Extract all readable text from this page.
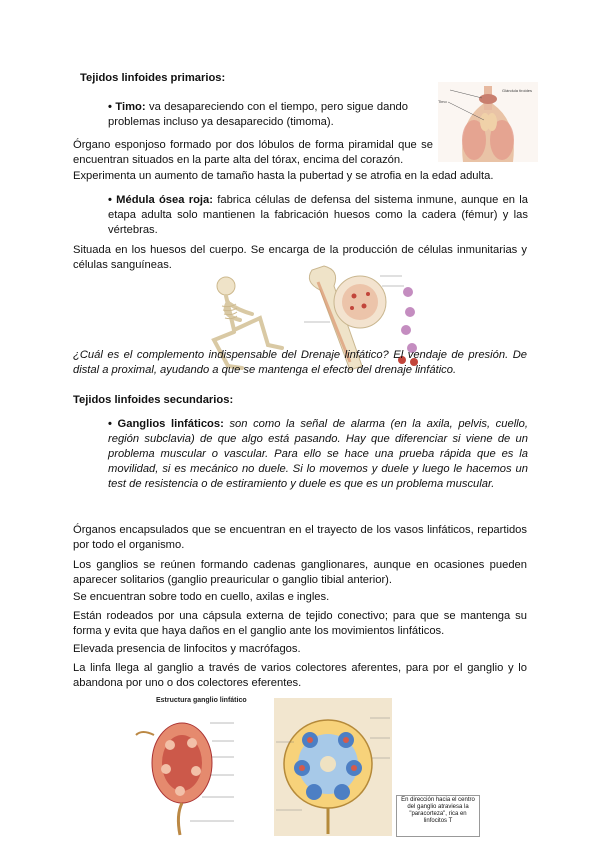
Tejidos linfoides primarios:
• Timo: va desapareciendo con el tiempo, pero sigue dando problemas incluso ya desaparecido (timoma).
Órgano esponjoso formado por dos lóbulos de forma piramidal que se encuentran situados en la parte alta del tórax, encima del corazón.
Experimenta un aumento de tamaño hasta la pubertad y se atrofia en la edad adulta.
Glándula tiroides
Timo
• Médula ósea roja: fabrica células de defensa del sistema inmune, aunque en la etapa adulta solo mantienen la fabricación huesos como la cadera (fémur) y las vértebras.
Situada en los huesos del cuerpo. Se encarga de la producción de células inmunitarias y células sanguíneas.
¿Cuál es el complemento indispensable del Drenaje linfático? El vendaje de presión. De distal a proximal, ayudando a que se mantenga el efecto del drenaje linfático.
Tejidos linfoides secundarios:
• Ganglios linfáticos: son como la señal de alarma (en la axila, pelvis, cuello, región subclavia) de que algo está pasando. Hay que diferenciar si viene de un problema muscular o vascular. Para ello se hace una prueba rápida que es la movilidad, si es mecánico no duele. Si lo movemos y duele y luego le hacemos un test de resistencia o de estiramiento y duele es que es un problema muscular.
Órganos encapsulados que se encuentran en el trayecto de los vasos linfáticos, repartidos por todo el organismo.
Los ganglios se reúnen formando cadenas ganglionares, aunque en ocasiones pueden aparecer solitarios (ganglio preauricular o ganglio tibial anterior).
Se encuentran sobre todo en cuello, axilas e ingles.
Están rodeados por una cápsula externa de tejido conectivo; para que se mantenga su forma y evita que haya daños en el ganglio ante los movimientos linfáticos.
Elevada presencia de linfocitos y macrófagos.
La linfa llega al ganglio a través de varios colectores aferentes, para por el ganglio y lo abandona por uno o dos colectores eferentes.
Estructura ganglio linfático
En dirección hacia el centro del ganglio atraviesa la "paracorteza", rica en linfocitos T
